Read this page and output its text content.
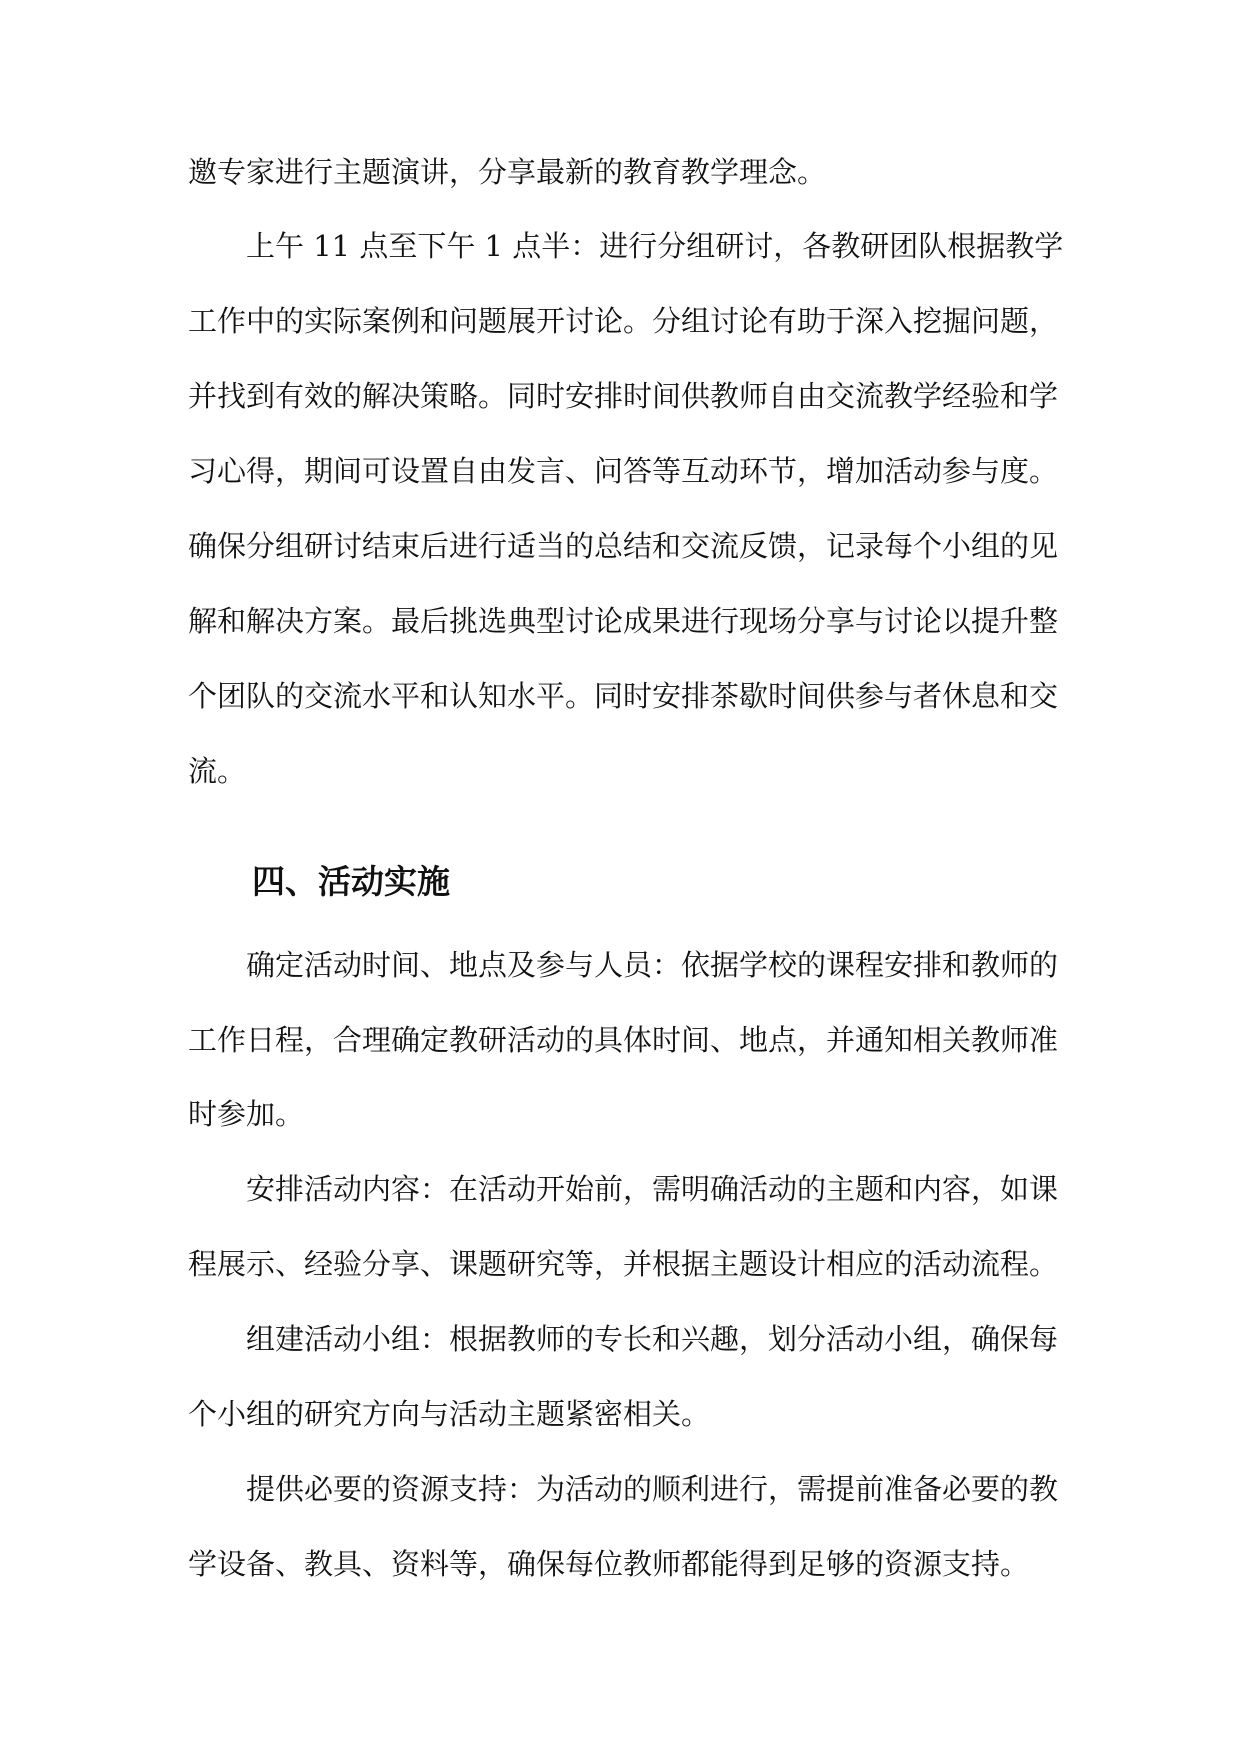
邀专家进行主题演讲，分享最新的教育教学理念。
上午 11 点至下午 1 点半：进行分组研讨，各教研团队根据教学
工作中的实际案例和问题展开讨论。分组讨论有助于深入挖掘问题，
并找到有效的解决策略。同时安排时间供教师自由交流教学经验和学
习心得，期间可设置自由发言、问答等互动环节，增加活动参与度。
确保分组研讨结束后进行适当的总结和交流反馈，记录每个小组的见
解和解决方案。最后挑选典型讨论成果进行现场分享与讨论以提升整
个团队的交流水平和认知水平。同时安排茶歇时间供参与者休息和交
流。
四、活动实施
确定活动时间、地点及参与人员：依据学校的课程安排和教师的
工作日程，合理确定教研活动的具体时间、地点，并通知相关教师准
时参加。
安排活动内容：在活动开始前，需明确活动的主题和内容，如课
程展示、经验分享、课题研究等，并根据主题设计相应的活动流程。
组建活动小组：根据教师的专长和兴趣，划分活动小组，确保每
个小组的研究方向与活动主题紧密相关。
提供必要的资源支持：为活动的顺利进行，需提前准备必要的教
学设备、教具、资料等，确保每位教师都能得到足够的资源支持。
